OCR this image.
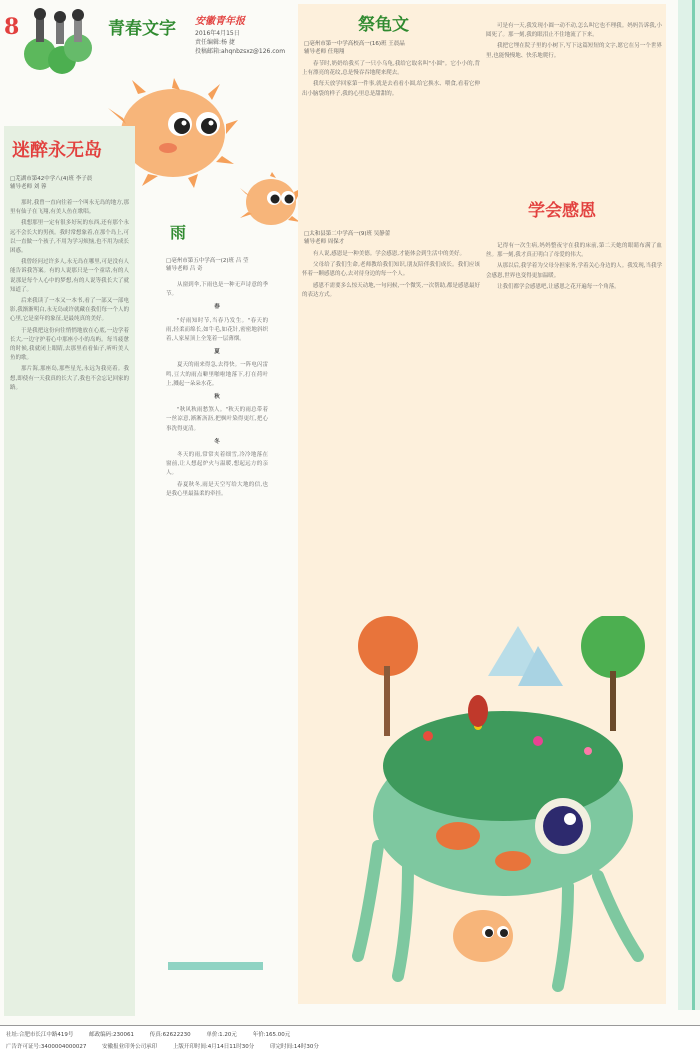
8	青春文字 安徽青年报
2016年4月15日
责任编辑:杨 捷
投稿邮箱:ahqnbzsxz@126.com
迷醉永无岛
□芜湖市第42中学八(4)班 李子晨
辅导老师 刘 蓉

那时,我曾一直向往着一个叫永无岛的地方,那里有仙子在飞翔,有美人鱼在歌唱。

我想那里一定有很多好玩的东西,还有那个永远不会长大的男孩。我时常想象着,在那个岛上,可以一直做一个孩子,不用为学习烦恼,也不用为成长困惑。

我曾经问过许多人,永无岛在哪里,可是没有人能告诉我答案。有的人说那只是一个童话,有的人说那是每个人心中的梦想,有的人说等我长大了就知道了。

后来我读了一本又一本书,看了一部又一部电影,我渐渐明白,永无岛或许就藏在我们每一个人的心里,它是童年的象征,是最纯真的美好。

于是我把这份向往悄悄地放在心底,一边学着长大,一边守护着心中那座小小的岛屿。每当疲惫的时候,我就闭上眼睛,去那里看看仙子,听听美人鱼的歌。

那片海,那座岛,那些星光,永远为我亮着。我想,即使有一天我真的长大了,我也不会忘记回家的路。

雨
□亳州市第五中学高一(2)班 吕 莹
辅导老师 吕 奇

从窗到伞,下雨也是一种无声诗意的季节。

春

"好雨知时节,当春乃发生。"春天的雨,轻柔而绵长,如牛毛,如花针,密密地斜织着,人家屋顶上全笼着一层薄烟。

夏

夏天的雨来得急,去得快。一阵电闪雷鸣,豆大的雨点噼里啪啦地落下,打在荷叶上,溅起一朵朵水花。

秋

"秋风秋雨愁煞人。"秋天的雨总带着一丝凉意,淅淅沥沥,把枫叶染得更红,把心事洗得更清。

冬

冬天的雨,常常夹着细雪,冷冷地落在窗前,让人想起炉火与温暖,想起远方的亲人。

春夏秋冬,雨是天空写给大地的信,也是我心里最温柔的牵挂。

祭龟文
□亳州市第一中学高校高一(16)班 王晨晶
辅导老师 任翔翔

春节时,奶奶给我买了一只小乌龟,我给它取名叫"小圆"。它小小的,背上有漂亮的花纹,总是慢吞吞地爬来爬去。

我每天放学回家第一件事,就是去看看小圆,给它换水、喂食,看着它伸出小脑袋的样子,我的心里总是甜甜的。

可是有一天,我发现小圆一动不动,怎么叫它也不理我。妈妈告诉我,小圆死了。那一刻,我的眼泪止不住地流了下来。

我把它埋在院子里的小树下,写下这篇短短的文字,愿它在另一个世界里,也能慢慢地、快乐地爬行。

学会感恩
□太和县第二中学高一(9)班 吴静蕾
辅导老师 周保才

有人说,感恩是一种美德。学会感恩,才能体会到生活中的美好。

父母给了我们生命,老师教给我们知识,朋友陪伴我们成长。我们应该怀着一颗感恩的心,去对待身边的每一个人。

感恩不需要多么惊天动地,一句问候,一个微笑,一次帮助,都是感恩最好的表达方式。

记得有一次生病,妈妈整夜守在我的床前,第二天她的眼睛布满了血丝。那一刻,我才真正明白了母爱的伟大。

从那以后,我学着为父母分担家务,学着关心身边的人。我发现,当我学会感恩,世界也变得更加温暖。

让我们都学会感恩吧,让感恩之花开遍每一个角落。

社址:合肥市长江中路419号	邮政编码:230061	传真:62622230	单价:1.20元	年价:165.00元
广告许可证号:3400004000027	安徽报业印务公司承印	上版开印时间:4月14日11时30分	印完时间:14时30分
